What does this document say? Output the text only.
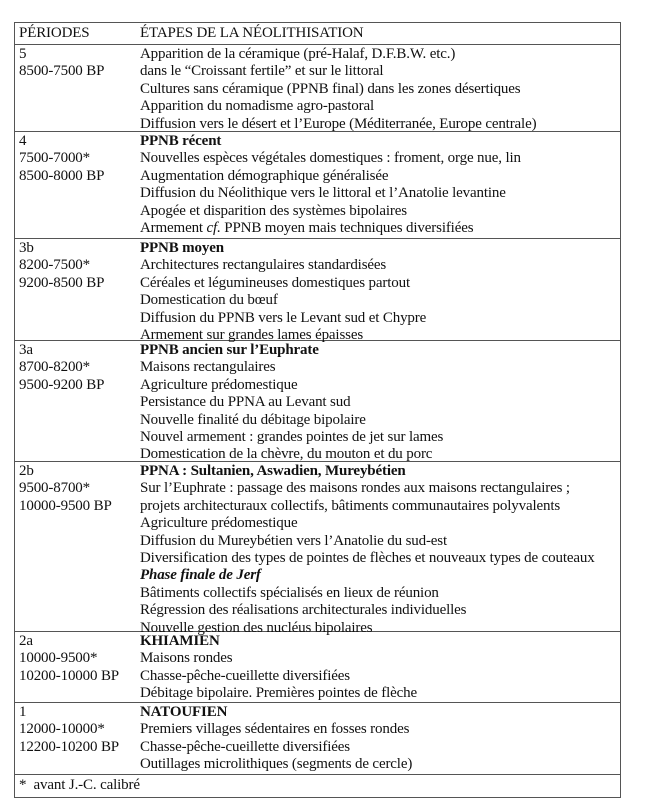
PÉRIODES	ÉTAPES DE LA NÉOLITHISATION
5
8500-7500 BP
Apparition de la céramique (pré-Halaf, D.F.B.W. etc.)
dans le “Croissant fertile” et sur le littoral
Cultures sans céramique (PPNB final) dans les zones désertiques
Apparition du nomadisme agro-pastoral
Diffusion vers le désert et l’Europe (Méditerranée, Europe centrale)
4
7500-7000*
8500-8000 BP
PPNB récent
Nouvelles espèces végétales domestiques : froment, orge nue, lin
Augmentation démographique généralisée
Diffusion du Néolithique vers le littoral et l’Anatolie levantine
Apogée et disparition des systèmes bipolaires
Armement cf. PPNB moyen mais techniques diversifiées
3b
8200-7500*
9200-8500 BP
PPNB moyen
Architectures rectangulaires standardisées
Céréales et légumineuses domestiques partout
Domestication du bœuf
Diffusion du PPNB vers le Levant sud et Chypre
Armement sur grandes lames épaisses
3a
8700-8200*
9500-9200 BP
PPNB ancien sur l’Euphrate
Maisons rectangulaires
Agriculture prédomestique
Persistance du PPNA au Levant sud
Nouvelle finalité du débitage bipolaire
Nouvel armement : grandes pointes de jet sur lames
Domestication de la chèvre, du mouton et du porc
2b
9500-8700*
10000-9500 BP
PPNA : Sultanien, Aswadien, Mureybétien
Sur l’Euphrate : passage des maisons rondes aux maisons rectangulaires ;
projets architecturaux collectifs, bâtiments communautaires polyvalents
Agriculture prédomestique
Diffusion du Mureybétien vers l’Anatolie du sud-est
Diversification des types de pointes de flèches et nouveaux types de couteaux
Phase finale de Jerf
Bâtiments collectifs spécialisés en lieux de réunion
Régression des réalisations architecturales individuelles
Nouvelle gestion des nucléus bipolaires
2a
10000-9500*
10200-10000 BP
KHIAMIEN
Maisons rondes
Chasse-pêche-cueillette diversifiées
Débitage bipolaire. Premières pointes de flèche
1
12000-10000*
12200-10200 BP
NATOUFIEN
Premiers villages sédentaires en fosses rondes
Chasse-pêche-cueillette diversifiées
Outillages microlithiques (segments de cercle)
*  avant J.-C. calibré
